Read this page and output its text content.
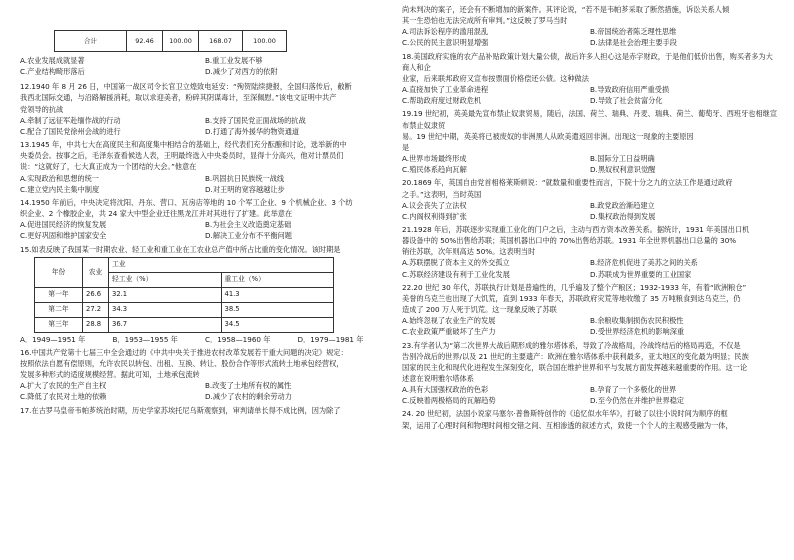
合计	92.46	100.00	168.07	100.00
A.农业发展成就显著	B.重工业发展不够
C.产业结构畸形落后	D.减少了对西方的依附
12.1940 年 8 月 26 日，中国第一战区司令长官卫立煌致电延安：“殉贺陆续捷报，全国归落传后，敝断
我西北国际交通，与沿路解援消耗，取以求迎美者，粉碎其阴谋毒计，至深佩慰。”该电文证明中共产
党领导的抗战
A.牵制了远征军赴缅作战的行动	B.支持了国民党正面战场的抗战
C.配合了国民党徐州会战的进行	D.打通了海外援华的物资通道
13.1945 年，中共七大在高度民主和高度集中相结合的基础上，经代表们充分酝酿和讨论，选举新的中
央委员会。按事之后，毛泽东查看候选人表，王明最终选入中央委员时，显得十分高兴，他对计票员们
说：“这就好了，七大真正成为一个团结的大会。”他意在
A.实现政治和思想的统一	B.巩固抗日民族统一战线
C.建立党内民主集中制度	D.对王明的宽容越越让步
14.1950 年前后，中央决定将沈阳、丹东、营口、瓦房店等地的 10 个军工企业、9 个机械企业、3 个纺
织企业、2 个橡胶企业，共 24 家大中型企业迁往黑龙江并对其进行了扩建。此举意在
A.促进国民经济的恢复发展	B.为社会主义改造奠定基础
C.更好巩固和维护国家安全	D.解决工业分布不平衡问题
15.如表反映了我国某一时期农业、轻工业和重工业在工农业总产值中所占比重的变化情况。该时期是
年份	农业	工业	
		轻工业（%）	重工业（%）
第一年	26.6	32.1	41.3
第二年	27.2	34.3	38.5
第三年	28.8	36.7	34.5
A．1949—1951 年	B．1953—1955 年	C．1958—1960 年	D．1979—1981 年
16.中国共产党第十七届三中全会通过的《中共中央关于推进农村改革发展若干重大问题的决定》规定：
按照依法自愿有偿原则，允许农民以转包、出租、互换、转让、股份合作等形式流转土地承包经营权，
发展多种形式的适度规模经营。据此可知，土地承包流转
A.扩大了农民的生产自主权	B.改变了土地所有权的属性
C.降低了农民对土地的依赖	D.减少了农村的剩余劳动力
17.在古罗马皇帝韦帕芗统治时期，历史学家苏埃托尼乌斯观察到，审判请单长得不成比例，因为除了
尚未判决的案子，还会有不断增加的新案件。其评论说，“若不是韦帕芗采取了断然措施，诉讼关系人倾
其一生恐怕也无法完成所有审判。”这反映了罗马当时
A.司法诉讼程序的滥用混乱	B.帝国统治者陈乏理性思维
C.公民的民主意识明显增强	D.法律是社会治理主要手段
18.美国政府实施的农产品补贴政策计划大量公债，战后许多人担心这是赤字财政，于是他们低价出售，购买者多为大商人和企
业家，后来联邦政府又宣布按票面价格偿还公债。这种做法
A.直接加快了工业革命进程	B.导致政府信用严重受损
C.帮助政府度过财政危机	D.导致了社会贫富分化
19.19 世纪初，英美最先宣布禁止奴隶贸易，随后，法国、荷兰、瑞典、丹麦、瑞典、荷兰、葡萄牙、西班牙也相继宣布禁止奴隶贸
易。19 世纪中期，英美将已被废奴的非洲黑人从欧美遣返回非洲。出现这一现象的主要原因
是
A.世界市场最终形成	B.国际分工日益明确
C.殖民体系趋向瓦解	D.黑奴权利意识觉醒
20.1869 年，英国自由党首相格莱斯顿说：“就数量和重要性而言，下院十分之九的立法工作是通过政府
之手。”这表明，当时英国
A.议会丧失了立法权	B.政党政治渐趋建立
C.内阁权利得到扩张	D.集权政治得到发展
21.1928 年后，苏联逐步实现重工业化的门户之后，主动与西方资本改善关系。据统计，1931 年美国出口机
器设备中的 50%出售给苏联；英国机器出口中的 70%出售给苏联。1931 年全世界机器出口总量的 30%
销往苏联，次年则高达 50%。这表明当时
A.苏联摆脱了资本主义的外交孤立	B.经济危机促进了美苏之间的关系
C.苏联经济建设有利于工业化发展	D.苏联成为世界重要的工业国家
22.20 世纪 30 年代，苏联执行计划是普遍性的，几乎遍及了整个产粮区；1932-1933 年，有着“欧洲粮仓”
美誉的乌克兰也出现了大饥荒，直到 1933 年春天，苏联政府灾荒等地收缴了 35 万吨粮食到达乌克兰，仍
造成了 200 万人死于饥荒。这一现象反映了苏联
A.始终忽视了农业生产的发展	B.余粮收集制损伤农民积极性
C.农业政策严重破坏了生产力	D.受世界经济危机的影响深重
23.有学者认为“第二次世界大战后期形成的雅尔塔体系，导致了冷战格局，冷战终结后的格局再造，不仅是
告别冷战后的世界/以及 21 世纪的主要遗产：欧洲在雅尔塔体系中获利最多，亚太地区的变化最为明显；民族
国家的民主化和现代化进程发生深刻变化，联合国在维护世界和平与发展方面发挥越来越重要的作用。这一论
述意在说明雅尔塔体系
A.具有大国强权政治的色彩	B.孕育了一个多极化的世界
C.反映着两极格局的瓦解趋势	D.至今仍然在并维护世界稳定
24. 20 世纪初，法国小说家马塞尔·普鲁斯特创作的《追忆似水年华》，打破了以往小说时间为顺序的框
架，运用了心理时间和物理时间相交错之间、互相渗透的叙述方式，致使一个个人的主观感受融为一体，
